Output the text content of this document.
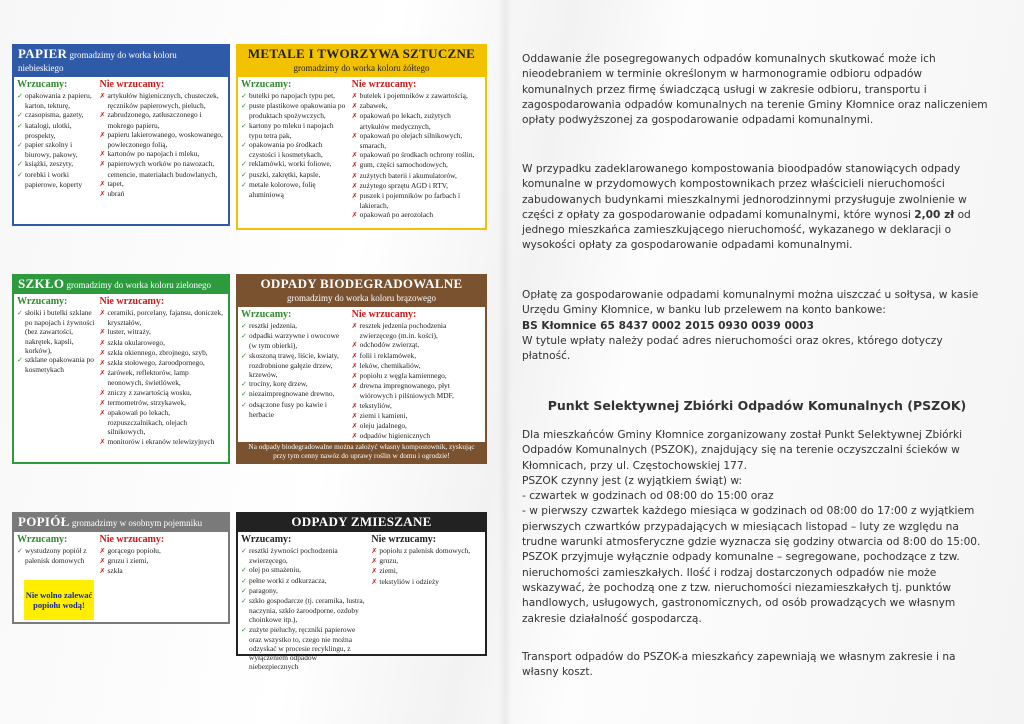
PAPIER gromadzimy do worka koloru niebieskiego
Wrzucamy:
✓ opakowania z papieru, karton, tekturę,
✓ czasopisma, gazety,
✓ katalogi, ulotki, prospekty,
✓ papier szkolny i biurowy, pakowy,
✓ książki, zeszyty,
✓ torebki i worki papierowe, koperty
Nie wrzucamy:
✗ artykułów higienicznych, chusteczek, ręczników papierowych, pieluch,
✗ zabrudzonego, zatłuszczonego i mokrego papieru,
✗ papieru lakierowanego, woskowanego, powleczonego folią,
✗ kartonów po napojach i mleku,
✗ papierowych worków po nawozach, cemencie, materiałach budowlanych,
✗ tapet,
✗ ubrań
METALE I TWORZYWA SZTUCZNE gromadzimy do worka koloru żółtego
Wrzucamy:
✓ butelki po napojach typu pet,
✓ puste plastikowe opakowania po produktach spożywczych,
✓ kartony po mleku i napojach typu tetra pak,
✓ opakowania po środkach czystości i kosmetykach,
✓ reklamówki, worki foliowe,
✓ puszki, zakrętki, kapsle,
✓ metale kolorowe, folię aluminiową
Nie wrzucamy:
✗ butelek i pojemników z zawartością,
✗ zabawek,
✗ opakowań po lekach, zużytych artykułów medycznych,
✗ opakowań po olejach silnikowych, smarach,
✗ opakowań po środkach ochrony roślin,
✗ gum, części samochodowych,
✗ zużytych baterii i akumulatorów,
✗ zużytego sprzętu AGD i RTV,
✗ puszek i pojemników po farbach i lakierach,
✗ opakowań po aerozolach
SZKŁO gromadzimy do worka koloru zielonego
Wrzucamy:
✓ słoiki i butelki szklane po napojach i żywności (bez zawartości, nakrętek, kapsli, korków),
✓ szklane opakowania po kosmetykach
Nie wrzucamy:
✗ ceramiki, porcelany, fajansu, doniczek, kryształów,
✗ luster, witraży,
✗ szkła okularowego,
✗ szkła okiennego, zbrojnego, szyb,
✗ szkła stołowego, żaroodpornego,
✗ żarówek, reflektorów, lamp neonowych, świetlówek,
✗ zniczy z zawartością wosku,
✗ termometrów, strzykawek,
✗ opakowań po lekach, rozpuszczalnikach, olejach silnikowych,
✗ monitorów i ekranów telewizyjnych
ODPADY BIODEGRADOWALNE gromadzimy do worka koloru brązowego
Wrzucamy:
✓ resztki jedzenia,
✓ odpadki warzywne i owocowe (w tym obierki),
✓ skoszoną trawę, liście, kwiaty, rozdrobnione gałęzie drzew, krzewów,
✓ trociny, korę drzew,
✓ niezaimpregnowane drewno,
✓ odsączone fusy po kawie i herbacie
Nie wrzucamy:
✗ resztek jedzenia pochodzenia zwierzęcego (m.in. kości),
✗ odchodów zwierząt,
✗ folii i reklamówek,
✗ leków, chemikaliów,
✗ popiołu z węgla kamiennego,
✗ drewna impregnowanego, płyt wiórowych i pilśniowych MDF,
✗ tekstyliów,
✗ ziemi i kamieni,
✗ oleju jadalnego,
✗ odpadów higienicznych
Na odpady biodegradowalne można założyć własny kompostownik, zyskując przy tym cenny nawóz do uprawy roślin w domu i ogrodzie!
POPIÓŁ gromadzimy w osobnym pojemniku
Wrzucamy:
✓ wystudzony popiół z palenisk domowych
Nie wrzucamy:
✗ gorącego popiołu,
✗ gruzu i ziemi,
✗ szkła
Nie wolno zalewać popiołu wodą!
ODPADY ZMIESZANE
Wrzucamy:
✓ resztki żywności pochodzenia zwierzęcego,
✓ olej po smażeniu,
✓ pełne worki z odkurzacza,
✓ paragony,
✓ szkło gospodarcze (tj. ceramika, lustra, naczynia, szkło żaroodporne, ozdoby choinkowe itp.),
✓ zużyte pieluchy, ręczniki papierowe oraz wszystko to, czego nie można odzyskać w procesie recyklingu, z wyłączeniem odpadów niebezpiecznych
Nie wrzucamy:
✗ popiołu z palenisk domowych,
✗ gruzu,
✗ ziemi,
✗ tekstyliów i odzieży

Oddawanie źle posegregowanych odpadów komunalnych skutkować może ich nieodebraniem w terminie określonym w harmonogramie odbioru odpadów komunalnych przez firmę świadczącą usługi w zakresie odbioru, transportu i zagospodarowania odpadów komunalnych na terenie Gminy Kłomnice oraz naliczeniem opłaty podwyższonej za gospodarowanie odpadami komunalnymi.

W przypadku zadeklarowanego kompostowania bioodpadów stanowiących odpady komunalne w przydomowych kompostownikach przez właścicieli nieruchomości zabudowanych budynkami mieszkalnymi jednorodzinnymi przysługuje zwolnienie w części z opłaty za gospodarowanie odpadami komunalnymi, które wynosi 2,00 zł od jednego mieszkańca zamieszkującego nieruchomość, wykazanego w deklaracji o wysokości opłaty za gospodarowanie odpadami komunalnymi.

Opłatę za gospodarowanie odpadami komunalnymi można uiszczać u sołtysa, w kasie Urzędu Gminy Kłomnice, w banku lub przelewem na konto bankowe:

BS Kłomnice 65 8437 0002 2015 0930 0039 0003

W tytule wpłaty należy podać adres nieruchomości oraz okres, którego dotyczy płatność.

Punkt Selektywnej Zbiórki Odpadów Komunalnych (PSZOK)

Dla mieszkańców Gminy Kłomnice zorganizowany został Punkt Selektywnej Zbiórki Odpadów Komunalnych (PSZOK), znajdujący się na terenie oczyszczalni ścieków w Kłomnicach, przy ul. Częstochowskiej 177.

PSZOK czynny jest (z wyjątkiem świąt) w:

- czwartek w godzinach od 08:00 do 15:00 oraz

- w pierwszy czwartek każdego miesiąca w godzinach od 08:00 do 17:00 z wyjątkiem pierwszych czwartków przypadających w miesiącach listopad – luty ze względu na trudne warunki atmosferyczne gdzie wyznacza się godziny otwarcia od 8:00 do 15:00.

PSZOK przyjmuje wyłącznie odpady komunalne – segregowane, pochodzące z tzw. nieruchomości zamieszkałych. Ilość i rodzaj dostarczonych odpadów nie może wskazywać, że pochodzą one z tzw. nieruchomości niezamieszkałych tj. punktów handlowych, usługowych, gastronomicznych, od osób prowadzących we własnym zakresie działalność gospodarczą.

Transport odpadów do PSZOK-a mieszkańcy zapewniają we własnym zakresie i na własny koszt.
